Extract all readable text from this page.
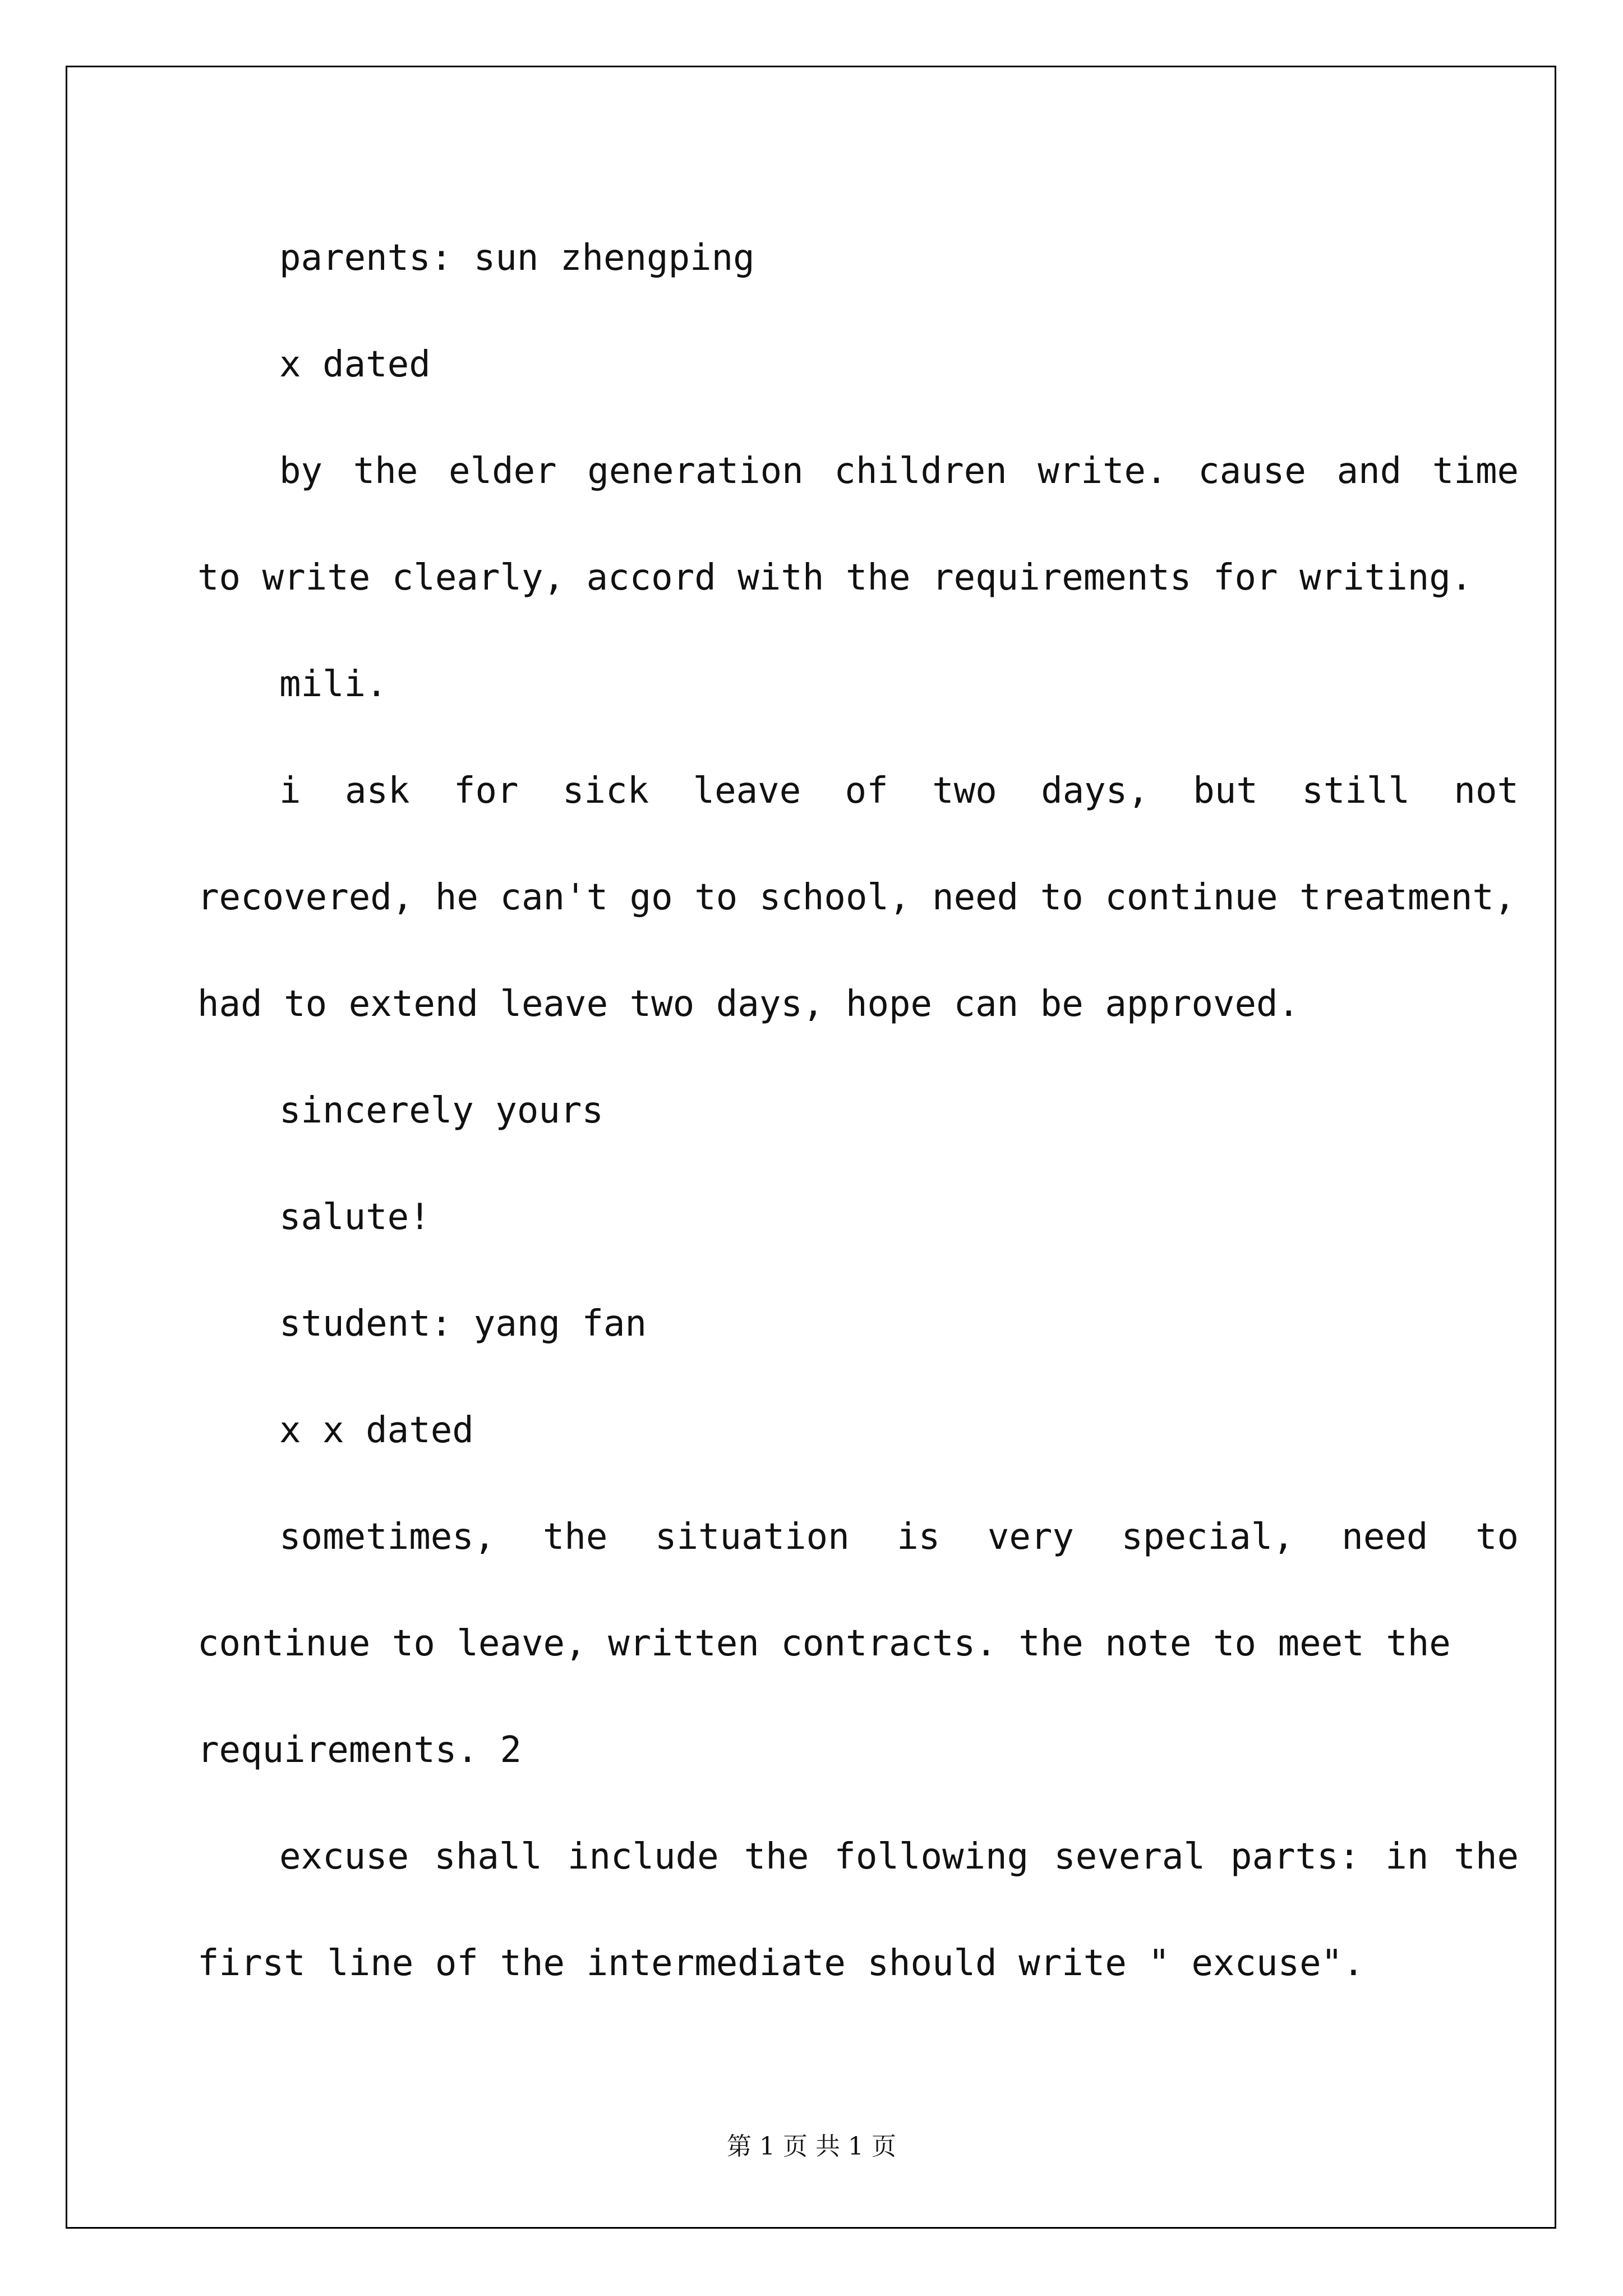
parents: sun zhengping
x dated
by the elder generation children write. cause and time
to write clearly, accord with the requirements for writing.
mili.
i ask for sick leave of two days, but still not
recovered, he can't go to school, need to continue treatment,
had to extend leave two days, hope can be approved.
sincerely yours
salute!
student: yang fan
x x dated
sometimes, the situation is very special, need to
continue to leave, written contracts. the note to meet the
requirements. 2
excuse shall include the following several parts: in the
first line of the intermediate should write " excuse".
第 1 页 共 1 页
